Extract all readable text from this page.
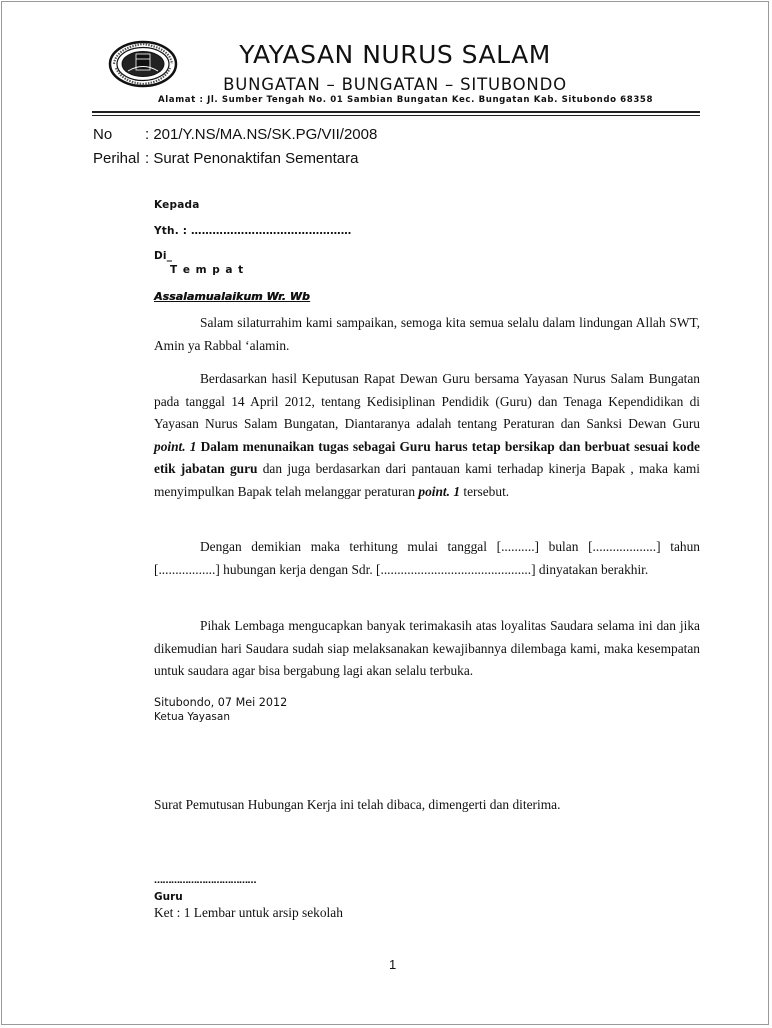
YAYASAN NURUS SALAM
BUNGATAN – BUNGATAN – SITUBONDO
Alamat : Jl. Sumber Tengah No. 01 Sambian Bungatan Kec. Bungatan Kab. Situbondo 68358
No : 201/Y.NS/MA.NS/SK.PG/VII/2008
Perihal : Surat Penonaktifan Sementara
Kepada
Yth. : ………………………………………
Di_
T e m p a t
Assalamualaikum Wr. Wb
Salam silaturrahim kami sampaikan, semoga kita semua selalu dalam lindungan Allah SWT, Amin ya Rabbal ‘alamin.
Berdasarkan hasil Keputusan Rapat Dewan Guru bersama Yayasan Nurus Salam Bungatan pada tanggal 14 April 2012, tentang Kedisiplinan Pendidik (Guru) dan Tenaga Kependidikan di Yayasan Nurus Salam Bungatan, Diantaranya adalah tentang Peraturan dan Sanksi Dewan Guru point. 1 Dalam menunaikan tugas sebagai Guru harus tetap bersikap dan berbuat sesuai kode etik jabatan guru dan juga berdasarkan dari pantauan kami terhadap kinerja Bapak , maka kami menyimpulkan Bapak telah melanggar peraturan point. 1 tersebut.
Dengan demikian maka terhitung mulai tanggal [..........] bulan [...................] tahun [.................] hubungan kerja dengan Sdr. [.............................................] dinyatakan berakhir.
Pihak Lembaga mengucapkan banyak terimakasih atas loyalitas Saudara selama ini dan jika dikemudian hari Saudara sudah siap melaksanakan kewajibannya dilembaga kami, maka kesempatan untuk saudara agar bisa bergabung lagi akan selalu terbuka.
Situbondo, 07 Mei 2012
Ketua Yayasan
Surat Pemutusan Hubungan Kerja ini telah dibaca, dimengerti dan diterima.
………………………………
Guru
Ket : 1 Lembar untuk arsip sekolah
1
